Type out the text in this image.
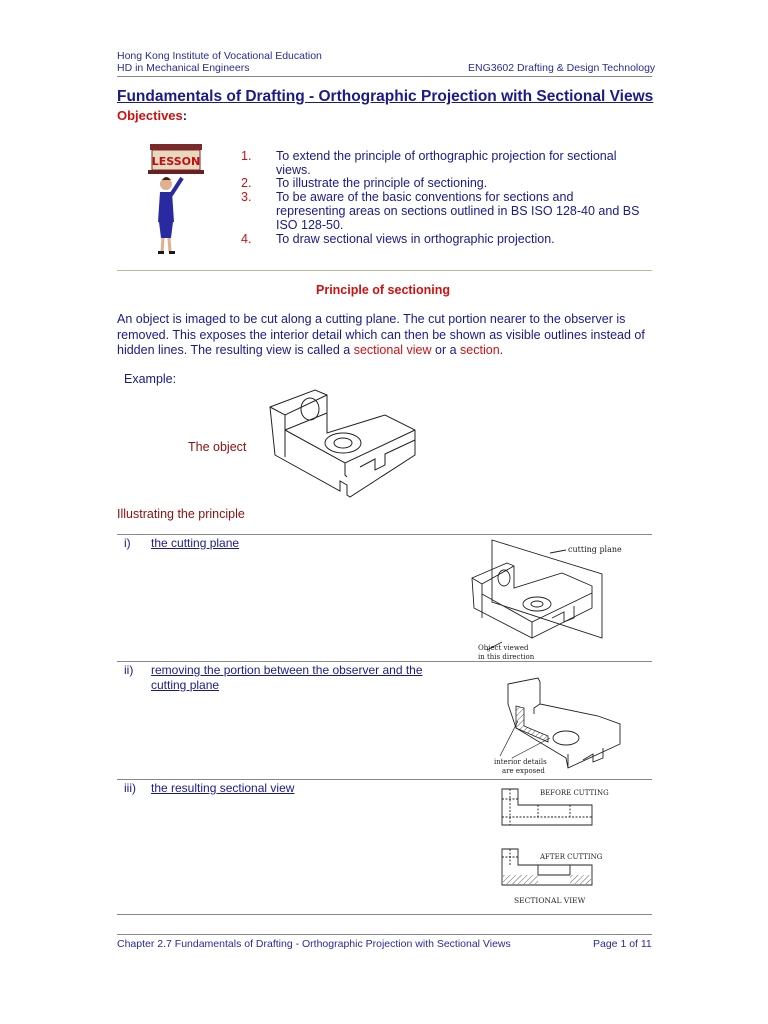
Hong Kong Institute of Vocational Education
HD in Mechanical Engineers	ENG3602 Drafting & Design Technology
Fundamentals of Drafting - Orthographic Projection with Sectional Views
Objectives:
LESSON	1. To extend the principle of orthographic projection for sectional views.
2. To illustrate the principle of sectioning.
3. To be aware of the basic conventions for sections and representing areas on sections outlined in BS ISO 128-40 and BS ISO 128-50.
4. To draw sectional views in orthographic projection.
Principle of sectioning
An object is imaged to be cut along a cutting plane. The cut portion nearer to the observer is removed. This exposes the interior detail which can then be shown as visible outlines instead of hidden lines. The resulting view is called a sectional view or a section.
Example:
The object
Illustrating the principle
i) the cutting plane	cutting plane
Object viewed
in this direction
ii) removing the portion between the observer and the cutting plane
interior details
are exposed
iii) the resulting sectional view	BEFORE CUTTING
AFTER CUTTING
SECTIONAL VIEW
Chapter 2.7 Fundamentals of Drafting - Orthographic Projection with Sectional Views	Page 1 of 11
